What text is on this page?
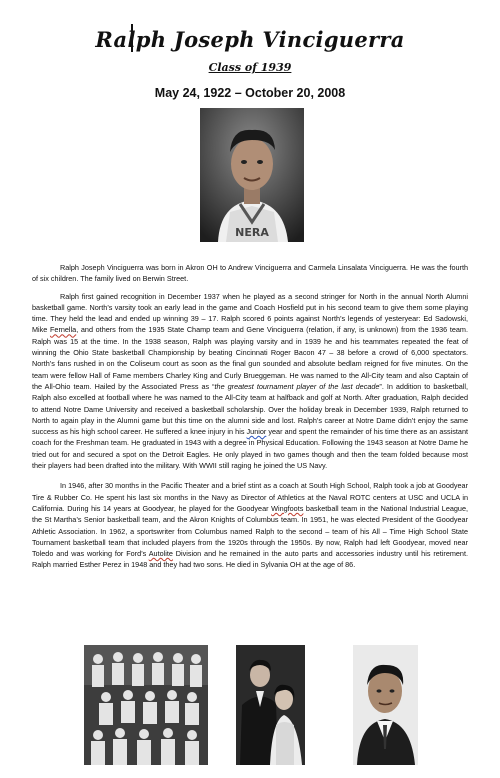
Ralph Joseph Vinciguerra
Class of 1939
May 24, 1922 – October 20, 2008
NERA

Ralph Joseph Vinciguerra was born in Akron OH to Andrew Vinciguerra and Carmela Linsalata Vinciguerra. He was the fourth of six children. The family lived on Berwin Street.

Ralph first gained recognition in December 1937 when he played as a second stringer for North in the annual North Alumni basketball game. North’s varsity took an early lead in the game and Coach Hosfield put in his second team to give them some playing time. They held the lead and ended up winning 39 – 17. Ralph scored 6 points against North’s legends of yesteryear: Ed Sadowski, Mike Fernella, and others from the 1935 State Champ team and Gene Vinciguerra (relation, if any, is unknown) from the 1936 team. Ralph was 15 at the time. In the 1938 season, Ralph was playing varsity and in 1939 he and his teammates repeated the feat of winning the Ohio State basketball Championship by beating Cincinnati Roger Bacon 47 – 38 before a crowd of 6,000 spectators. North’s fans rushed in on the Coliseum court as soon as the final gun sounded and absolute bedlam reigned for five minutes. On the team were fellow Hall of Fame members Charley King and Curly Brueggeman. He was named to the All-City team and also Captain of the All-Ohio team. Hailed by the Associated Press as “the greatest tournament player of the last decade”. In addition to basketball, Ralph also excelled at football where he was named to the All-City team at halfback and golf at North. After graduation, Ralph decided to attend Notre Dame University and received a basketball scholarship. Over the holiday break in December 1939, Ralph returned to North to again play in the Alumni game but this time on the alumni side and lost. Ralph’s career at Notre Dame didn’t enjoy the same success as his high school career. He suffered a knee injury in his Junior year and spent the remainder of his time there as an assistant coach for the Freshman team. He graduated in 1943 with a degree in Physical Education. Following the 1943 season at Notre Dame he tried out for and secured a spot on the Detroit Eagles. He only played in two games though and then the team folded because most their players had been drafted into the military. With WWII still raging he joined the US Navy.

In 1946, after 30 months in the Pacific Theater and a brief stint as a coach at South High School, Ralph took a job at Goodyear Tire & Rubber Co. He spent his last six months in the Navy as Director of Athletics at the Naval ROTC centers at USC and UCLA in California. During his 14 years at Goodyear, he played for the Goodyear Wingfoots basketball team in the National Industrial League, the St Martha’s Senior basketball team, and the Akron Knights of Columbus team. In 1951, he was elected President of the Goodyear Athletic Association. In 1962, a sportswriter from Columbus named Ralph to the second – team of his All – Time High School State Tournament basketball team that included players from the 1920s through the 1950s. By now, Ralph had left Goodyear, moved near Toledo and was working for Ford’s Autolite Division and he remained in the auto parts and accessories industry until his retirement. Ralph married Esther Perez in 1948 and they had two sons. He died in Sylvania OH at the age of 86.
